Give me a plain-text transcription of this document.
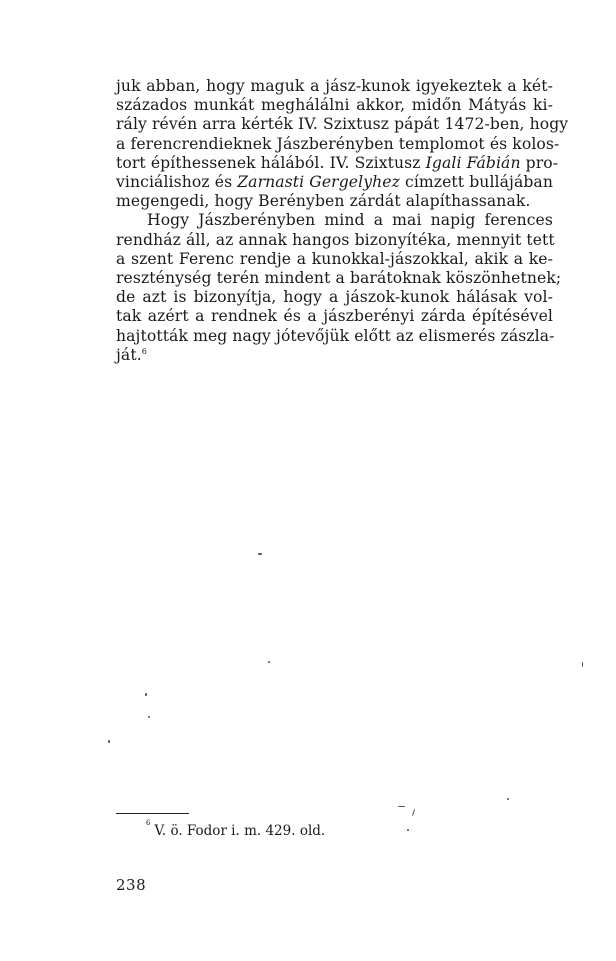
juk abban, hogy maguk a jász-kunok igyekeztek a két-
százados munkát meghálálni akkor, midőn Mátyás ki-
rály révén arra kérték IV. Szixtusz pápát 1472-ben, hogy
a ferencrendieknek Jászberényben templomot és kolos-
tort építhessenek hálából. IV. Szixtusz Igali Fábián pro-
vinciálishoz és Zarnasti Gergelyhez címzett bullájában
megengedi, hogy Berényben zárdát alapíthassanak.
Hogy Jászberényben mind a mai napig ferences
rendház áll, az annak hangos bizonyítéka, mennyit tett
a szent Ferenc rendje a kunokkal-jászokkal, akik a ke-
reszténység terén mindent a barátoknak köszönhetnek;
de azt is bizonyítja, hogy a jászok-kunok hálásak vol-
tak azért a rendnek és a jászberényi zárda építésével
hajtották meg nagy jótevőjük előtt az elismerés zászla-
ját.$^6$
$^6$V. ö. Fodor i. m. 429. old.
238
